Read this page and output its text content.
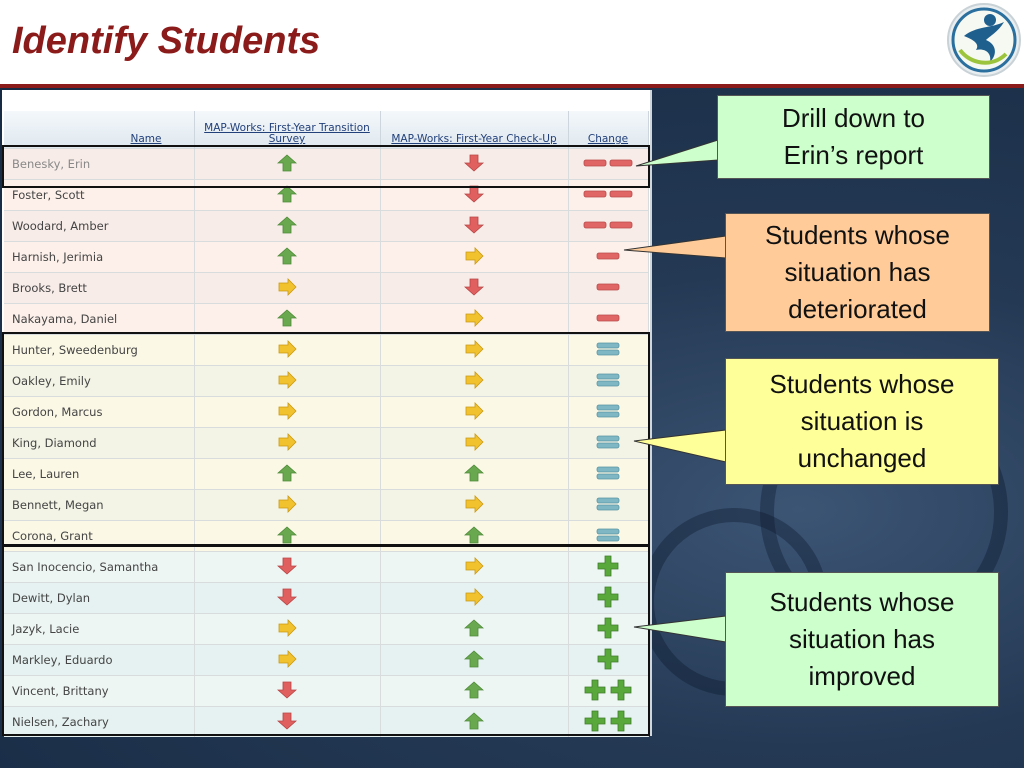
Identify Students
Name	MAP-Works: First-Year Transition Survey	MAP-Works: First-Year Check-Up	Change
Benesky, Erin			
Foster, Scott			
Woodard, Amber			
Harnish, Jerimia			
Brooks, Brett			
Nakayama, Daniel			
Hunter, Sweedenburg			
Oakley, Emily			
Gordon, Marcus			
King, Diamond			
Lee, Lauren			
Bennett, Megan			
Corona, Grant			
San Inocencio, Samantha			
Dewitt, Dylan			
Jazyk, Lacie			
Markley, Eduardo			
Vincent, Brittany			
Nielsen, Zachary			
Drill down to Erin’s report
Students whose situation has deteriorated
Students whose situation is unchanged
Students whose situation has improved
